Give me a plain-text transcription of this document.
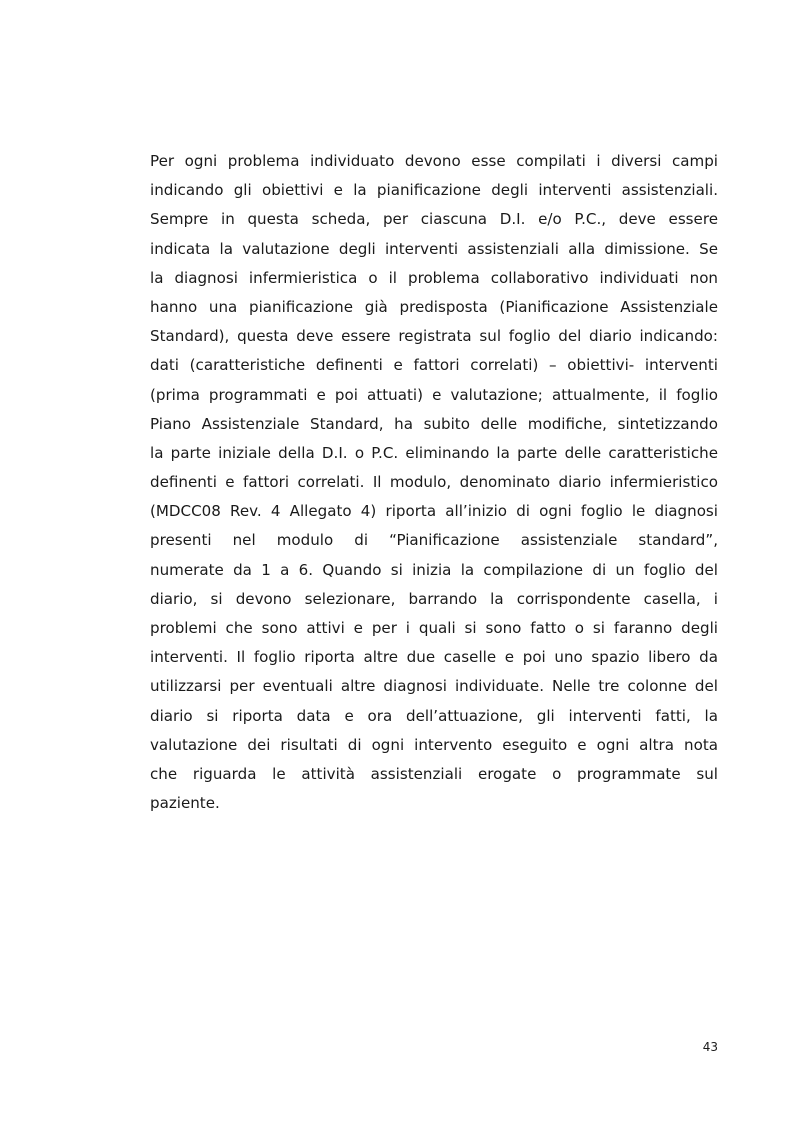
Per ogni problema individuato devono esse compilati i diversi campi
indicando gli obiettivi e la pianificazione degli interventi assistenziali.
Sempre in questa scheda, per ciascuna D.I. e/o P.C., deve essere
indicata la valutazione degli interventi assistenziali alla dimissione. Se
la diagnosi infermieristica o il problema collaborativo individuati non
hanno una pianificazione già predisposta (Pianificazione Assistenziale
Standard), questa deve essere registrata sul foglio del diario indicando:
dati (caratteristiche definenti e fattori correlati) – obiettivi- interventi
(prima programmati e poi attuati) e valutazione; attualmente, il foglio
Piano Assistenziale Standard, ha subito delle modifiche, sintetizzando
la parte iniziale della D.I. o P.C. eliminando la parte delle caratteristiche
definenti e fattori correlati. Il modulo, denominato diario infermieristico
(MDCC08 Rev. 4 Allegato 4) riporta all’inizio di ogni foglio le diagnosi
presenti nel modulo di “Pianificazione assistenziale standard”,
numerate da 1 a 6. Quando si inizia la compilazione di un foglio del
diario, si devono selezionare, barrando la corrispondente casella, i
problemi che sono attivi e per i quali si sono fatto o si faranno degli
interventi. Il foglio riporta altre due caselle e poi uno spazio libero da
utilizzarsi per eventuali altre diagnosi individuate. Nelle tre colonne del
diario si riporta data e ora dell’attuazione, gli interventi fatti, la
valutazione dei risultati di ogni intervento eseguito e ogni altra nota
che riguarda le attività assistenziali erogate o programmate sul
paziente.

43
